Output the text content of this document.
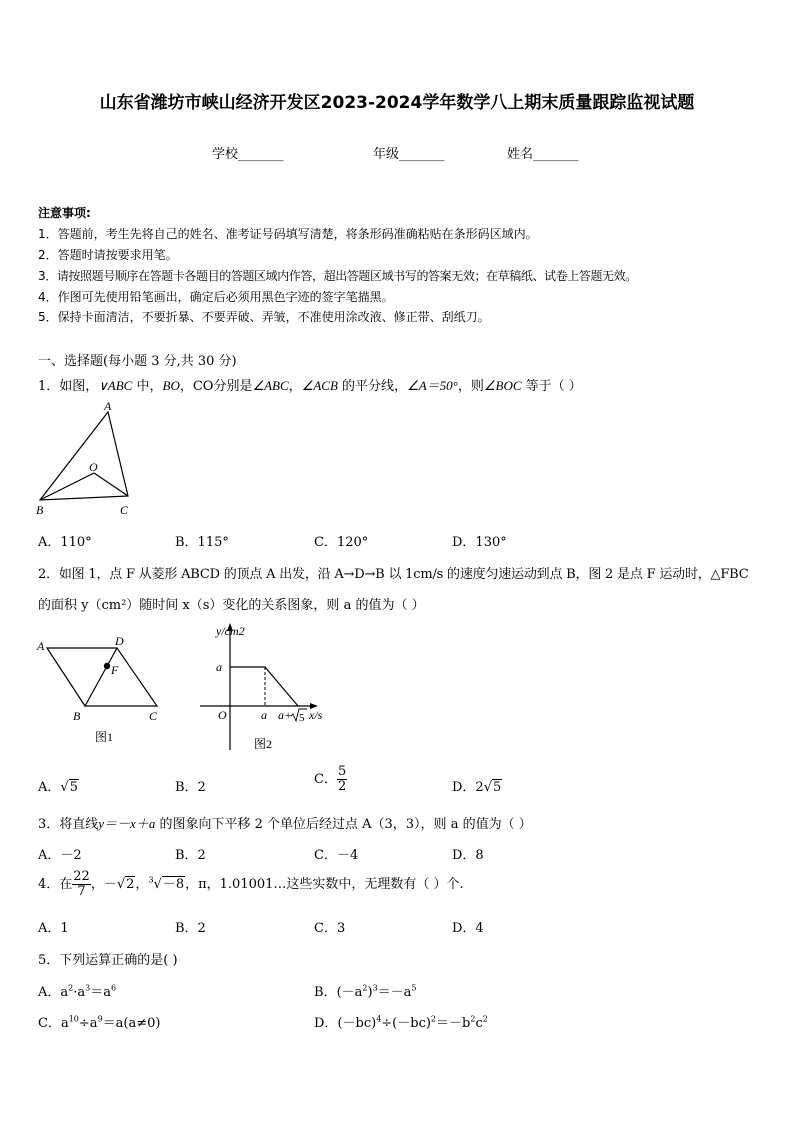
山东省潍坊市峡山经济开发区2023-2024学年数学八上期末质量跟踪监视试题
学校_______	年级_______	姓名_______
注意事项:
1．答题前，考生先将自己的姓名、准考证号码填写清楚，将条形码准确粘贴在条形码区域内。
2．答题时请按要求用笔。
3．请按照题号顺序在答题卡各题目的答题区域内作答，超出答题区域书写的答案无效；在草稿纸、试卷上答题无效。
4．作图可先使用铅笔画出，确定后必须用黑色字迹的签字笔描黑。
5．保持卡面清洁，不要折暴、不要弄破、弄皱，不准使用涂改液、修正带、刮纸刀。
一、选择题(每小题 3 分,共 30 分)
1．如图，∨ABC 中，BO，CO分别是∠ABC，∠ACB 的平分线，∠A＝50°，则∠BOC 等于（ ）
A
O
B	C
A．110°	B．115°	C．120°	D．130°
2．如图 1，点 F 从菱形 ABCD 的顶点 A 出发，沿 A→D→B 以 1cm/s 的速度匀速运动到点 B，图 2 是点 F 运动时，△FBC
的面积 y（cm²）随时间 x（s）变化的关系图象，则 a 的值为（ ）
A	D
F
B	C
图1
y/cm2
a
O	a a+ 5 x/s
图2
A．√5	B．2
C． $\frac{5}{2}$	D．2√5
3．将直线y＝－x＋a 的图象向下平移 2 个单位后经过点 A（3，3），则 a 的值为（ ）
A．－2	B．2	C．－4	D．8
4．在 $\frac{22}{7}$ ，－√2，$^3$√－8，π，1.01001…这些实数中，无理数有（ ）个.
A．1	B．2	C．3	D．4
5．下列运算正确的是( )
A．$a^2\cdot a^3=a^6$	B．$(-a^2)^3=-a^5$
C．$a^{10}\div a^9=a(a\ne 0)$	D．$(-bc)^4\div(-bc)^2=-b^2c^2$
